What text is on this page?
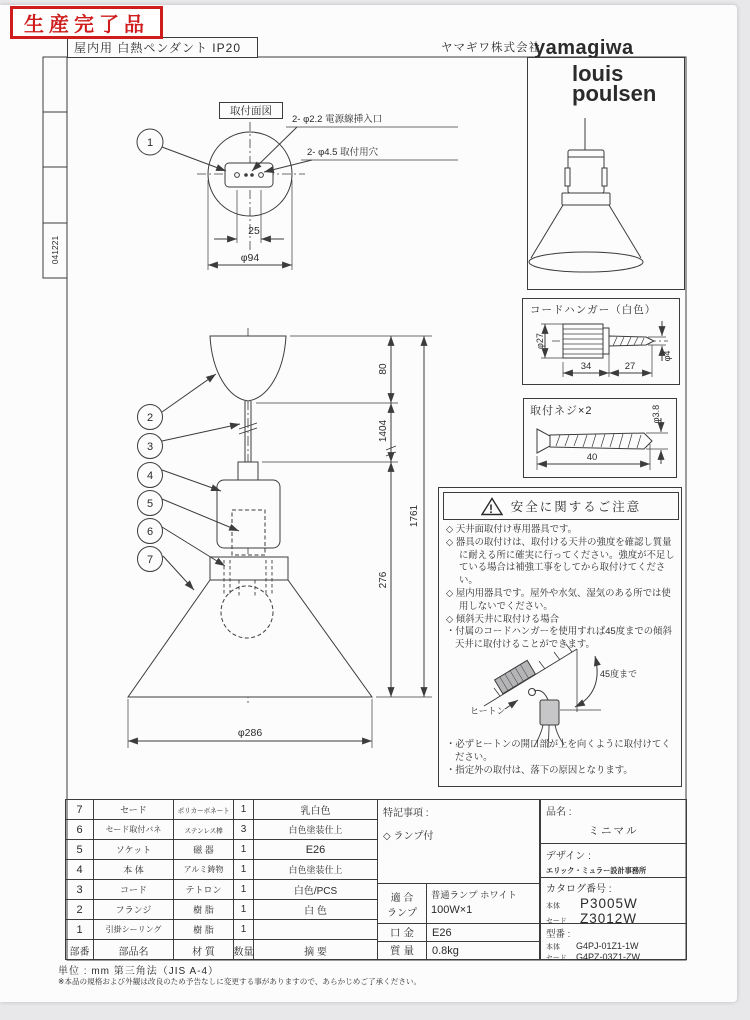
041221
yamagiwa
louis
poulsen
1
25
φ94
2- φ2.2 電源線挿入口
2- φ4.5 取付用穴
2
3
4
5
6
7
80
1404
276
1761
φ286
φ27
34	27
φ4
40
φ3.8
45度まで
ヒートン
生産完了品
屋内用 白熱ペンダント IP20	ヤマギワ株式会社
取付面図
コードハンガー（白色）
取付ネジ×2
! 安全に関するご注意
◇ 天井面取付け専用器具です。
◇ 器具の取付けは、取付ける天井の強度を確認し質量に耐える所に確実に行ってください。強度が不足している場合は補強工事をしてから取付けてください。
◇ 屋内用器具です。屋外や水気、湿気のある所では使用しないでください。
◇ 傾斜天井に取付ける場合
・付属のコードハンガーを使用すれば45度までの傾斜天井に取付けることができます。
・必ずヒートンの開口部が上を向くように取付けてください。
・指定外の取付は、落下の原因となります。
7	セード	ポリカーボネート	1	乳白色
6	セード取付バネ	ステンレス棒	3	白色塗装仕上
5	ソケット	磁 器	1	E26
4	本 体	アルミ鋳物	1	白色塗装仕上
3	コード	テトロン	1	白色/PCS
2	フランジ	樹 脂	1	白 色
1	引掛シーリング	樹 脂	1
部番	部品名	材 質	数量	摘 要
特記事項 :
◇ ランプ付
適 合
ランプ
普通ランプ ホワイト
100W×1
口 金	E26
質 量	0.8kg
品名 :
ミニマル
デザイン :
エリック・ミュラー設計事務所
カタログ番号 :
本体	P3005W
セード Z3012W
型番 :
本体	G4PJ-01Z1-1W
セード	G4PZ-03Z1-ZW
単位 : mm 第三角法（JIS A-4）
※本品の規格および外観は改良のため予告なしに変更する事がありますので、あらかじめご了承ください。
